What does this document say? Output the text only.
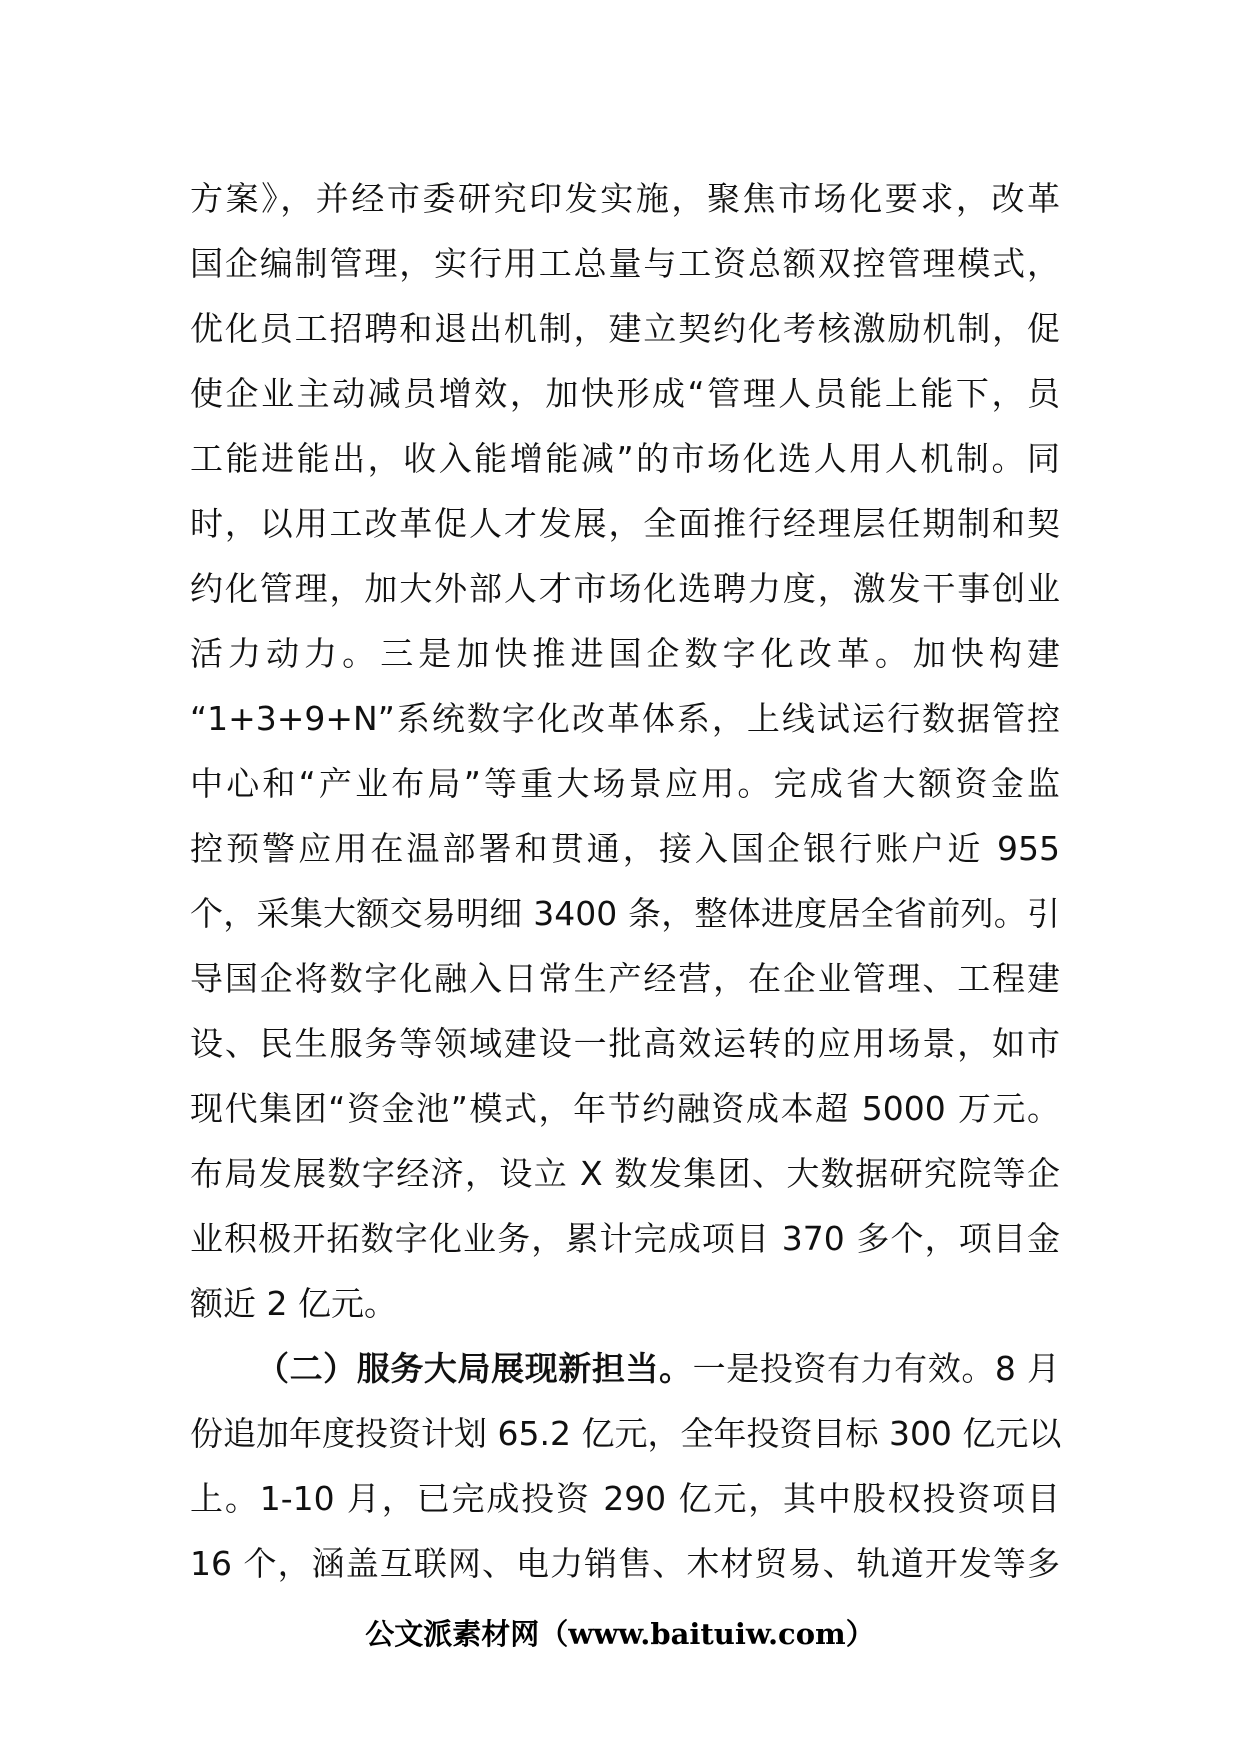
方案》，并经市委研究印发实施，聚焦市场化要求，改革
国企编制管理，实行用工总量与工资总额双控管理模式，
优化员工招聘和退出机制，建立契约化考核激励机制，促
使企业主动减员增效，加快形成“管理人员能上能下，员
工能进能出，收入能增能减”的市场化选人用人机制。同
时，以用工改革促人才发展，全面推行经理层任期制和契
约化管理，加大外部人才市场化选聘力度，激发干事创业
活力动力。三是加快推进国企数字化改革。加快构建
“1+3+9+N”系统数字化改革体系，上线试运行数据管控
中心和“产业布局”等重大场景应用。完成省大额资金监
控预警应用在温部署和贯通，接入国企银行账户近 955
个，采集大额交易明细 3400 条，整体进度居全省前列。引
导国企将数字化融入日常生产经营，在企业管理、工程建
设、民生服务等领域建设一批高效运转的应用场景，如市
现代集团“资金池”模式，年节约融资成本超 5000 万元。
布局发展数字经济，设立 X 数发集团、大数据研究院等企
业积极开拓数字化业务，累计完成项目 370 多个，项目金
额近 2 亿元。
（二）服务大局展现新担当。一是投资有力有效。8 月
份追加年度投资计划 65.2 亿元，全年投资目标 300 亿元以
上。1-10 月，已完成投资 290 亿元，其中股权投资项目
16 个，涵盖互联网、电力销售、木材贸易、轨道开发等多
公文派素材网（www.baituiw.com）
